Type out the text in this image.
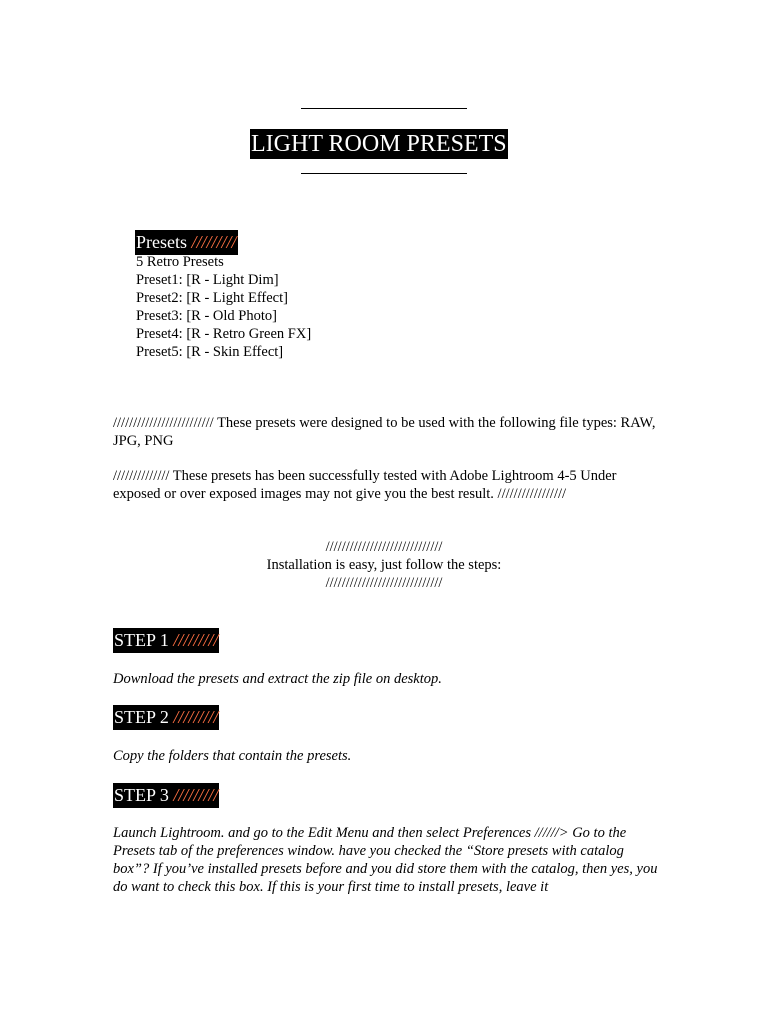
LIGHT ROOM PRESETS
Presets /////////
5 Retro Presets
Preset1: [R - Light Dim]
Preset2: [R - Light Effect]
Preset3: [R - Old Photo]
Preset4: [R - Retro Green FX]
Preset5: [R - Skin Effect]
///////////////////////// These presets were designed to be used with the following file types: RAW, JPG, PNG
////////////// These presets has been successfully tested with Adobe Lightroom 4-5 Under exposed or over exposed images may not give you the best result. /////////////////
/////////////////////////////
Installation is easy, just follow the steps:
/////////////////////////////
STEP 1 /////////
Download the presets and extract the zip file on desktop.
STEP 2 /////////
Copy the folders that contain the presets.
STEP 3 /////////
Launch Lightroom. and go to the Edit Menu and then select Preferences //////> Go to the Presets tab of the preferences window. have you checked the “Store presets with catalog box”? If you’ve installed presets before and you did store them with the catalog, then yes, you do want to check this box. If this is your first time to install presets, leave it
